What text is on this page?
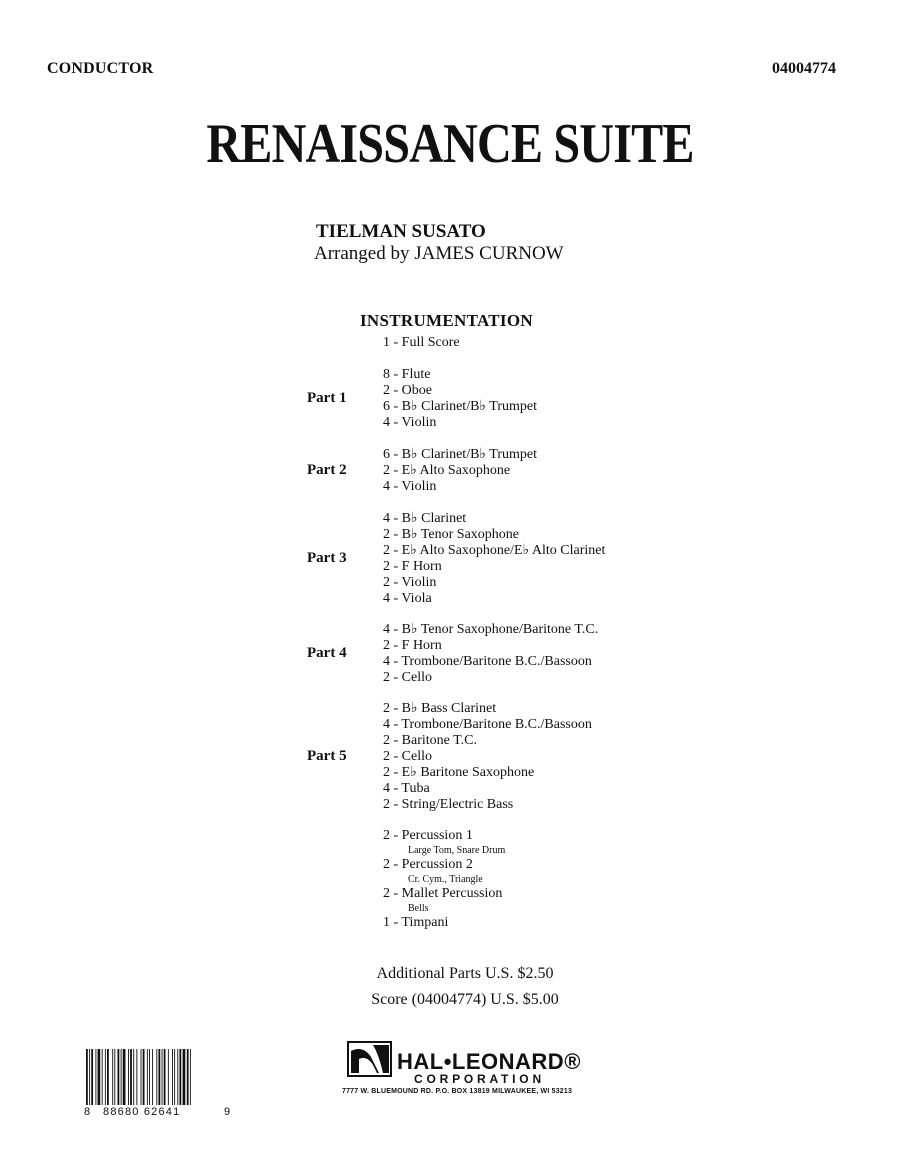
CONDUCTOR	04004774
RENAISSANCE SUITE
TIELMAN SUSATO
Arranged by JAMES CURNOW
INSTRUMENTATION
1 - Full Score
8 - Flute
2 - Oboe
6 - B♭ Clarinet/B♭ Trumpet
4 - Violin
Part 1
6 - B♭ Clarinet/B♭ Trumpet
2 - E♭ Alto Saxophone
4 - Violin
Part 2
4 - B♭ Clarinet
2 - B♭ Tenor Saxophone
2 - E♭ Alto Saxophone/E♭ Alto Clarinet
2 - F Horn
2 - Violin
4 - Viola
Part 3
4 - B♭ Tenor Saxophone/Baritone T.C.
2 - F Horn
4 - Trombone/Baritone B.C./Bassoon
2 - Cello
Part 4
2 - B♭ Bass Clarinet
4 - Trombone/Baritone B.C./Bassoon
2 - Baritone T.C.
2 - Cello
2 - E♭ Baritone Saxophone
4 - Tuba
2 - String/Electric Bass
Part 5
2 - Percussion 1
Large Tom, Snare Drum
2 - Percussion 2
Cr. Cym., Triangle
2 - Mallet Percussion
Bells
1 - Timpani
Additional Parts U.S. $2.50
Score (04004774) U.S. $5.00
8 88680 62641	9
HAL•LEONARD®
CORPORATION
7777 W. BLUEMOUND RD. P.O. BOX 13819 MILWAUKEE, WI 53213
